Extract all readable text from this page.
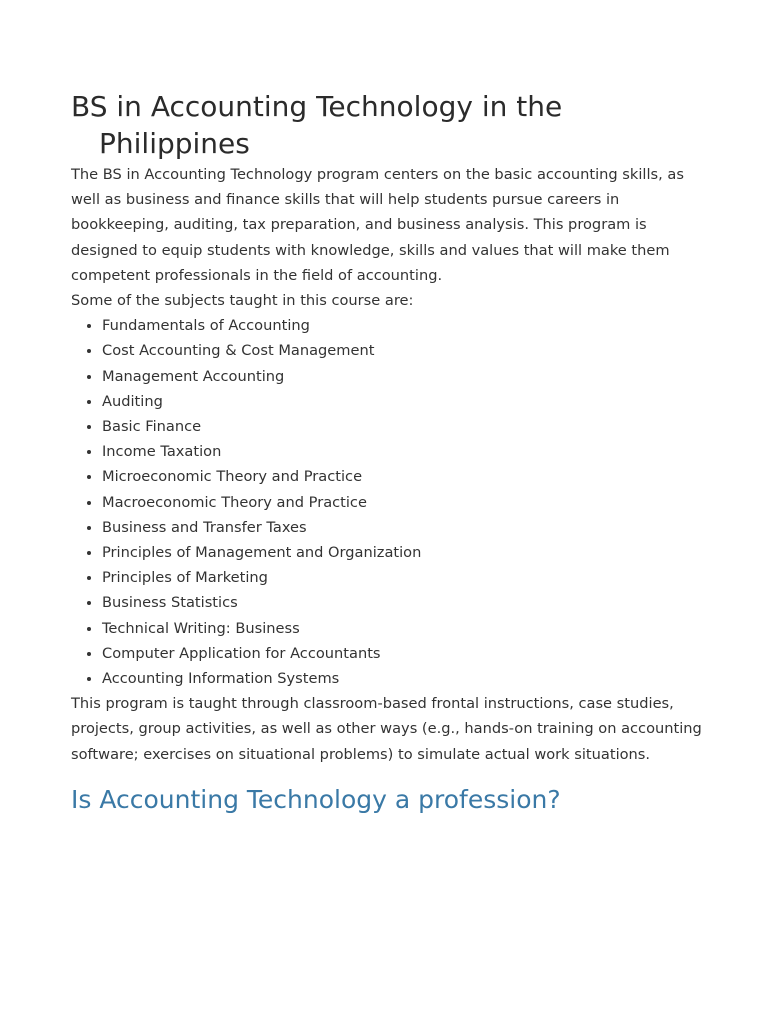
BS in Accounting Technology in the Philippines

The BS in Accounting Technology program centers on the basic accounting skills, as well as business and finance skills that will help students pursue careers in bookkeeping, auditing, tax preparation, and business analysis. This program is designed to equip students with knowledge, skills and values that will make them competent professionals in the field of accounting.

Some of the subjects taught in this course are:

• Fundamentals of Accounting
• Cost Accounting & Cost Management
• Management Accounting
• Auditing
• Basic Finance
• Income Taxation
• Microeconomic Theory and Practice
• Macroeconomic Theory and Practice
• Business and Transfer Taxes
• Principles of Management and Organization
• Principles of Marketing
• Business Statistics
• Technical Writing: Business
• Computer Application for Accountants
• Accounting Information Systems

This program is taught through classroom-based frontal instructions, case studies, projects, group activities, as well as other ways (e.g., hands-on training on accounting software; exercises on situational problems) to simulate actual work situations.

Is Accounting Technology a profession?
